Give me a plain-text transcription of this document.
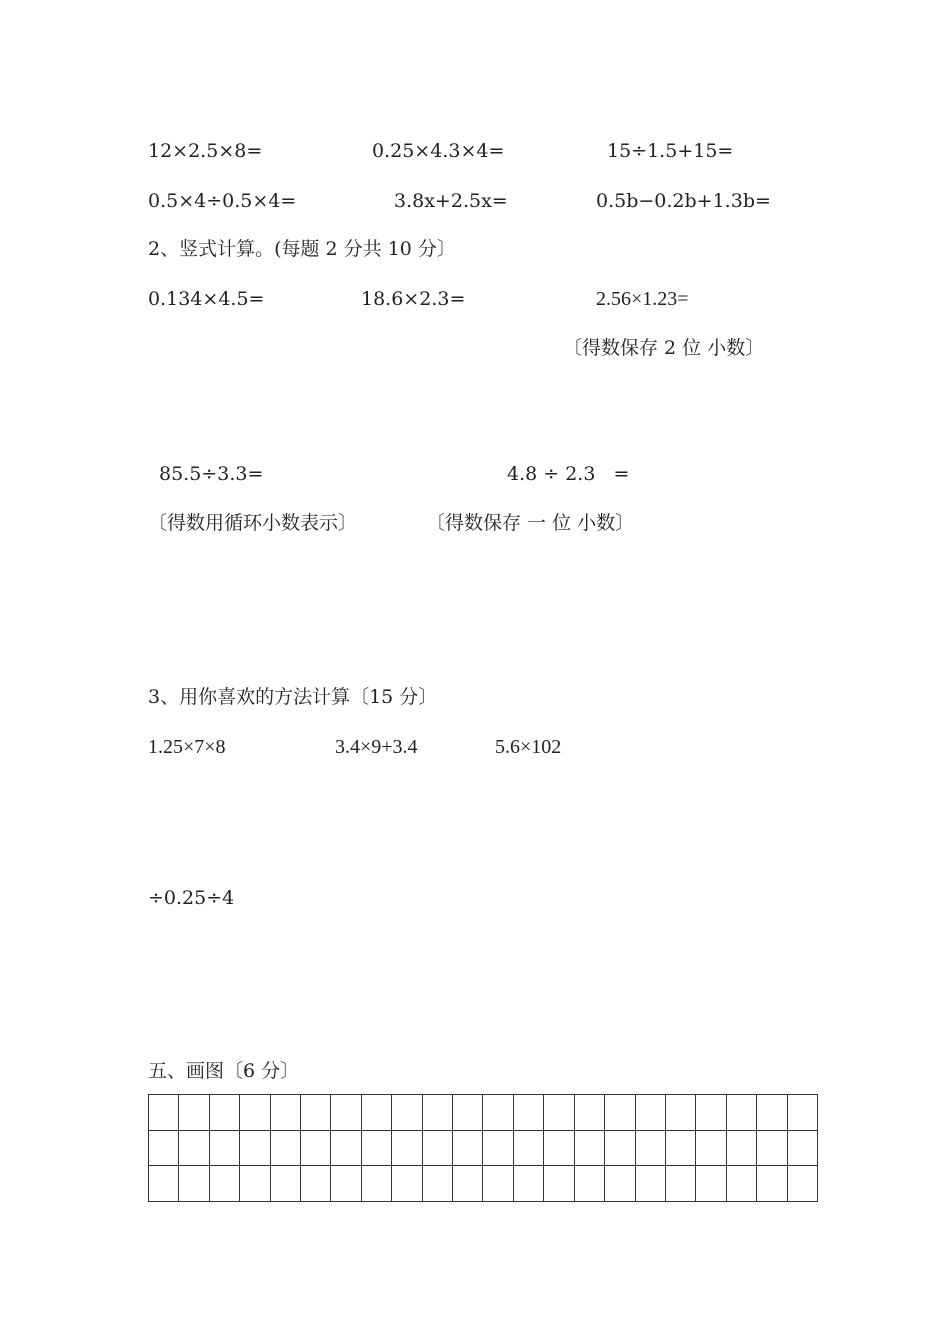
12×2.5×8=	0.25×4.3×4=	15÷1.5+15=
0.5×4÷0.5×4=	3.8x+2.5x=	0.5b−0.2b+1.3b=
2、竖式计算。(每题 2 分共 10 分〕
0.134×4.5=	18.6×2.3=	2.56×1.23=
〔得数保存 2 位 小数〕
85.5÷3.3=	4.8 ÷ 2.3   =
〔得数用循环小数表示〕	〔得数保存 一 位 小数〕
3、用你喜欢的方法计算〔15 分〕
1.25×7×8	3.4×9+3.4	5.6×102
÷0.25÷4
五、画图〔6 分〕
